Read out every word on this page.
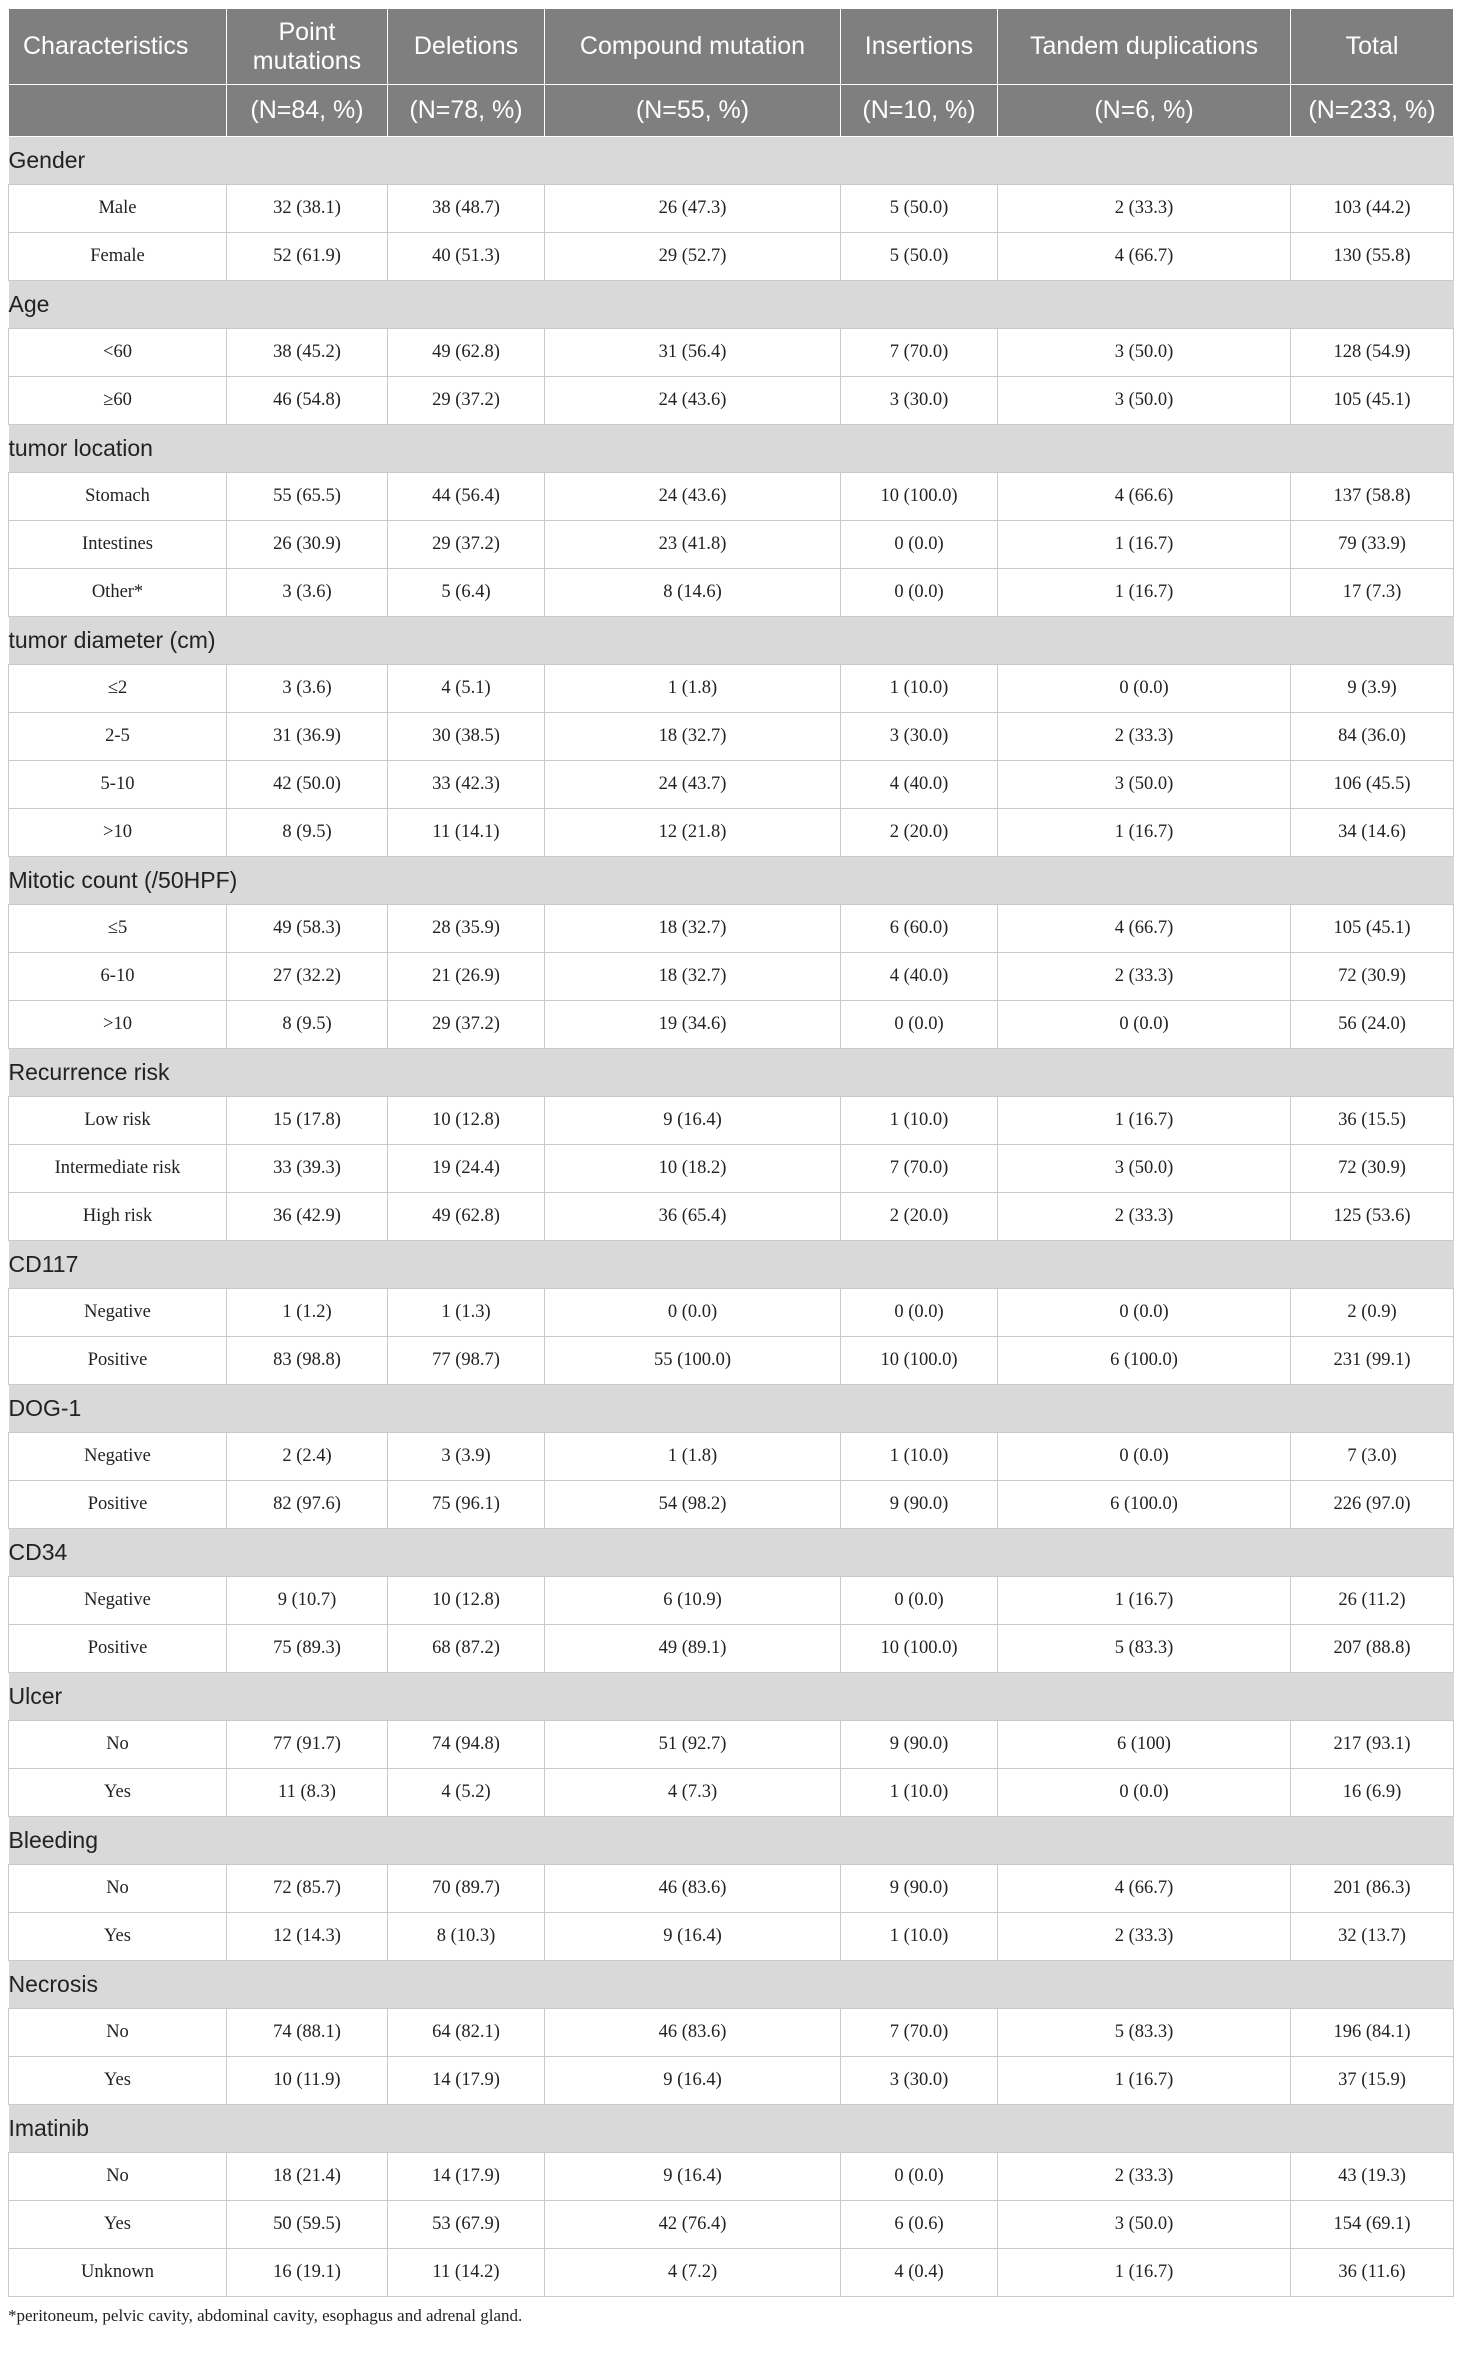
Characteristics	Point mutations	Deletions	Compound mutation	Insertions	Tandem duplications	Total
	(N=84, %)	(N=78, %)	(N=55, %)	(N=10, %)	(N=6, %)	(N=233, %)
Gender						
Male	32 (38.1)	38 (48.7)	26 (47.3)	5 (50.0)	2 (33.3)	103 (44.2)
Female	52 (61.9)	40 (51.3)	29 (52.7)	5 (50.0)	4 (66.7)	130 (55.8)
Age						
<60	38 (45.2)	49 (62.8)	31 (56.4)	7 (70.0)	3 (50.0)	128 (54.9)
≥60	46 (54.8)	29 (37.2)	24 (43.6)	3 (30.0)	3 (50.0)	105 (45.1)
tumor location						
Stomach	55 (65.5)	44 (56.4)	24 (43.6)	10 (100.0)	4 (66.6)	137 (58.8)
Intestines	26 (30.9)	29 (37.2)	23 (41.8)	0 (0.0)	1 (16.7)	79 (33.9)
Other*	3 (3.6)	5 (6.4)	8 (14.6)	0 (0.0)	1 (16.7)	17 (7.3)
tumor diameter (cm)						
≤2	3 (3.6)	4 (5.1)	1 (1.8)	1 (10.0)	0 (0.0)	9 (3.9)
2-5	31 (36.9)	30 (38.5)	18 (32.7)	3 (30.0)	2 (33.3)	84 (36.0)
5-10	42 (50.0)	33 (42.3)	24 (43.7)	4 (40.0)	3 (50.0)	106 (45.5)
>10	8 (9.5)	11 (14.1)	12 (21.8)	2 (20.0)	1 (16.7)	34 (14.6)
Mitotic count (/50HPF)						
≤5	49 (58.3)	28 (35.9)	18 (32.7)	6 (60.0)	4 (66.7)	105 (45.1)
6-10	27 (32.2)	21 (26.9)	18 (32.7)	4 (40.0)	2 (33.3)	72 (30.9)
>10	8 (9.5)	29 (37.2)	19 (34.6)	0 (0.0)	0 (0.0)	56 (24.0)
Recurrence risk						
Low risk	15 (17.8)	10 (12.8)	9 (16.4)	1 (10.0)	1 (16.7)	36 (15.5)
Intermediate risk	33 (39.3)	19 (24.4)	10 (18.2)	7 (70.0)	3 (50.0)	72 (30.9)
High risk	36 (42.9)	49 (62.8)	36 (65.4)	2 (20.0)	2 (33.3)	125 (53.6)
CD117						
Negative	1 (1.2)	1 (1.3)	0 (0.0)	0 (0.0)	0 (0.0)	2 (0.9)
Positive	83 (98.8)	77 (98.7)	55 (100.0)	10 (100.0)	6 (100.0)	231 (99.1)
DOG-1						
Negative	2 (2.4)	3 (3.9)	1 (1.8)	1 (10.0)	0 (0.0)	7 (3.0)
Positive	82 (97.6)	75 (96.1)	54 (98.2)	9 (90.0)	6 (100.0)	226 (97.0)
CD34						
Negative	9 (10.7)	10 (12.8)	6 (10.9)	0 (0.0)	1 (16.7)	26 (11.2)
Positive	75 (89.3)	68 (87.2)	49 (89.1)	10 (100.0)	5 (83.3)	207 (88.8)
Ulcer						
No	77 (91.7)	74 (94.8)	51 (92.7)	9 (90.0)	6 (100)	217 (93.1)
Yes	11 (8.3)	4 (5.2)	4 (7.3)	1 (10.0)	0 (0.0)	16 (6.9)
Bleeding						
No	72 (85.7)	70 (89.7)	46 (83.6)	9 (90.0)	4 (66.7)	201 (86.3)
Yes	12 (14.3)	8 (10.3)	9 (16.4)	1 (10.0)	2 (33.3)	32 (13.7)
Necrosis						
No	74 (88.1)	64 (82.1)	46 (83.6)	7 (70.0)	5 (83.3)	196 (84.1)
Yes	10 (11.9)	14 (17.9)	9 (16.4)	3 (30.0)	1 (16.7)	37 (15.9)
Imatinib						
No	18 (21.4)	14 (17.9)	9 (16.4)	0 (0.0)	2 (33.3)	43 (19.3)
Yes	50 (59.5)	53 (67.9)	42 (76.4)	6 (0.6)	3 (50.0)	154 (69.1)
Unknown	16 (19.1)	11 (14.2)	4 (7.2)	4 (0.4)	1 (16.7)	36 (11.6)
*peritoneum, pelvic cavity, abdominal cavity, esophagus and adrenal gland.
